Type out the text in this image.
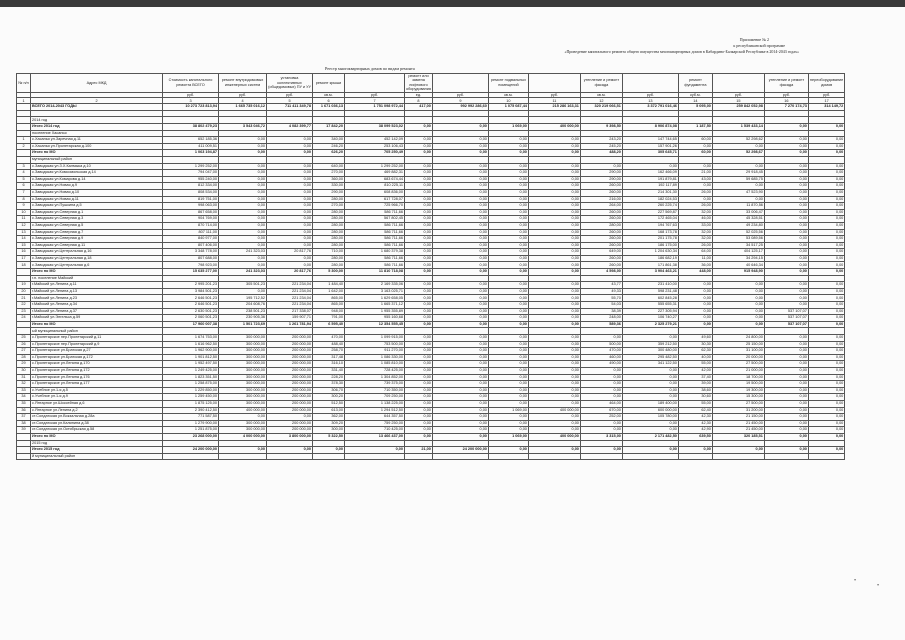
Приложение № 2
к республиканской программе
«Проведение капитального ремонта общего имущества многоквартирных домов в Кабардино-Балкарской Республике в 2014-2043 годах»
Реестр многоквартирных домов по видам ремонта
№ п/п	Адрес МКД	Стоимость капитального ремонта ВСЕГО	ремонт внутридомовых инженерных систем	установка коллективных (общедомовых) ПУ и УУ	ремонт крыши		ремонт или замена лифтового оборудования		ремонт подвальных помещений		утепление и ремонт фасада		ремонт фундамента		утепление и ремонт фасада	переоборудование домов
		руб.	руб.	руб.	кв.м.	руб.	ед.	руб.	кв.м.	руб.	кв.м.	руб.	куб.м.	руб.	руб.	руб.
1	2	3	4	5	6	7	8	9	10	11	12	13	14	15	16	17
	ВСЕГО 2014-2043 ГОДЫ	10 273 723 813,94	1 665 735 016,12	711 411 349,78	1 671 036,13	1 751 098 972,44	417,00	992 992 286,60	1 075 087,44	215 286 163,31	320 219 066,51	3 372 791 016,46	5 095,00	259 842 052,98	7 270 174,73	314 149,72

	2014 год															
	Итого 2014 год	38 802 479,23	3 543 046,72	4 082 399,77	17 842,20	38 099 523,02	0,00	0,00	1 069,00	400 000,00	9 398,50	8 906 874,08	1 187,50	1 539 433,14	0,00	0,00
	поселение Хасанья															
1	с.Хасанья ул.Заречная д.11	652 185,36	0,00	0,00	340,00	452 142,09	0,00	0,00	0,00	0,00	243,20	147 744,65	60,00	52 298,62	0,00	0,00
2	с.Хасанья ул.Пролетарская д.100	411 009,51	0,00	0,00	246,20	253 106,43	0,00	0,00	0,00	0,00	245,20	157 901,26	0,00	0,00	0,00	0,00
	Итого по МО	1 063 194,87	0,00	0,00	626,20	705 250,49	0,00	0,00	0,00	0,00	488,20	305 645,71	60,00	52 298,67	0,00	0,00
	муниципальный район															
3	с.Заводская ул.З.Х.Калмыка д.10	1 299 252,00	0,00	0,00	640,00	1 299 252,00	0,00	0,00	0,00	0,00	0,00	0,00	0,00	0,00	0,00	0,00
4	с.Заводская ул.Комсомольская д.14	794 047,00	0,00	0,00	270,00	469 882,31	0,00	0,00	0,00	0,00	290,00	162 466,09	21,00	29 918,45	0,00	0,00
5	с.Заводская ул.Комарова д.14	955 240,00	0,00	0,00	360,00	683 674,44	0,00	0,00	0,00	0,00	290,00	191 879,81	43,00	59 685,75	0,00	0,00
6	с.Заводская ул.Новая д.9	812 334,00	0,00	0,00	330,00	810 225,11	0,00	0,00	0,00	0,00	260,00	192 117,89	0,00	0,00	0,00	0,00
7	с.Заводская ул.Новая д.10	808 534,00	0,00	0,00	290,00	608 836,00	0,00	0,00	0,00	0,00	260,00	214 301,30	26,00	47 523,90	0,00	0,00
8	с.Заводская ул.Новая д.11	819 751,00	0,00	0,00	280,00	617 728,07	0,00	0,00	0,00	0,00	216,00	182 024,53	0,00	0,00	0,00	0,00
9	с.Заводская ул.Пушкина д.5	998 063,00	0,00	0,00	270,00	725 966,70	0,00	0,00	0,00	0,00	264,00	260 225,74	26,00	11 870,56	0,00	0,00
10	с.Заводская ул.Северная д.1	867 658,00	0,00	0,00	280,00	586 711,66	0,00	0,00	0,00	0,00	260,00	227 569,87	32,00	33 006,47	0,00	0,00
11	с.Заводская ул.Северная д.3	904 769,00	0,00	0,00	280,00	567 802,45	0,00	0,00	0,00	0,00	260,00	172 465,04	46,00	45 328,51	0,00	0,00
12	с.Заводская ул.Северная д.5	870 714,00	0,00	0,00	280,00	586 711,66	0,00	0,00	0,00	0,00	280,00	194 767,63	33,00	49 234,80	0,00	0,00
13	с.Заводская ул.Северная д.7	807 111,00	0,00	0,00	280,00	586 711,66	0,00	0,00	0,00	0,00	260,00	168 173,78	32,00	52 025,56	0,00	0,00
14	с.Заводская ул.Северная д.9	840 977,00	0,00	0,00	280,00	586 711,66	0,00	0,00	0,00	0,00	260,00	201 175,78	32,00	53 089,56	0,00	0,00
15	с.Заводская ул.Северная д.11	807 406,00	0,00	0,00	280,00	586 711,66	0,00	0,00	0,00	0,00	260,00	186 175,00	26,00	34 517,25	0,00	0,00
16	с.Заводская ул.Центральная д.16	3 348 778,00	241 323,03	20 817,76	710,00	1 680 379,38	0,00	0,00	0,00	0,00	649,00	1 204 630,34	64,00	404 125,17	0,00	0,00
17	с.Заводская ул.Центральная д.18	807 688,00	0,00	0,00	280,00	586 711,66	0,00	0,00	0,00	0,00	260,00	186 682,19	11,00	34 294,15	0,00	0,00
18	с.Заводская ул.Центральная д.6	798 923,00	0,00	0,00	280,00	586 711,66	0,00	0,00	0,00	0,00	260,00	171 861,38	36,00	40 646,34	0,00	0,00
	Итого по МО	15 635 277,00	241 323,03	20 817,76	5 300,00	11 810 718,08	0,00	0,00	0,00	0,00	4 598,00	3 904 463,21	448,00	915 948,90	0,00	0,00
	г.п. поселение Майский															
19	г.Майский ул.Ленина д.11	2 995 201,23	305 501,23	221 234,04	1 484,40	2 169 335,06	0,00	0,00	0,00	0,00	43,77	231 410,00	0,00	0,00	0,00	0,00
20	г.Майский ул.Ленина д.13	3 984 501,23	0,00	221 234,04	1 642,00	3 163 025,71	0,00	0,00	0,00	0,00	49,33	598 231,48	0,00	0,00	0,00	0,00
21	г.Майский ул.Ленина д.23	2 646 501,23	195 712,52	221 234,04	865,00	1 629 658,05	0,00	0,00	0,00	0,00	55,70	602 845,28	0,00	0,00	0,00	0,00
22	г.Майский ул.Ленина д.34	2 646 501,23	204 608,76	221 234,04	865,00	1 665 371,12	0,00	0,00	0,00	0,00	54,03	555 655,31	0,00	0,00	0,00	0,00
23	г.Майский ул.Ленина д.37	2 630 501,23	238 501,23	217 338,07	948,00	1 955 355,89	0,00	0,00	0,00	0,00	38,39	227 305,94	0,00	0,00	537 107,07	0,00
24	г.Майский ул.Энгельса д.59	2 060 501,23	230 905,36	159 907,71	791,00	955 160,68	0,00	0,00	0,00	0,00	248,00	106 740,27	0,00	0,00	537 107,07	0,00
	Итого по МО	17 960 007,38	1 501 723,69	1 261 781,94	6 595,40	12 354 555,45	0,00	0,00	0,00	0,00	589,36	2 325 279,21	0,00	0,00	537 107,07	0,00
	ый муниципальный район															
25	с.Пролетарское пер.Пролетарский д.11	1 674 753,00	300 000,00	200 000,00	470,00	1 099 915,00	0,00	0,00	0,00	0,00	0,00	0,00	49,60	24 800,00	0,00	0,00
26	с.Пролетарское пер.Пролетарский д.9	1 616 962,50	300 000,00	200 000,00	488,40	753 500,00	0,00	0,00	0,00	0,00	500,00	359 212,50	30,30	25 150,00	0,00	0,00
27	с.Пролетарское ул.Братская д.27	1 962 900,00	300 000,00	200 000,00	258,70	911 270,00	0,00	0,00	0,00	0,00	470,00	300 480,00	62,30	31 100,00	0,00	0,00
28	с.Пролетарское ул.Братская д.172	1 901 812,50	300 000,00	200 000,00	317,48	1 086 330,00	0,00	0,00	0,00	0,00	460,00	295 482,50	40,00	20 000,00	0,00	0,00
29	с.Пролетарское ул.Ленина д.170	1 952 497,50	300 000,00	200 000,00	316,10	1 085 810,00	0,00	0,00	0,00	0,00	490,00	341 122,50	55,00	27 500,00	0,00	0,00
30	с.Пролетарское ул.Ленина д.172	1 249 425,00	300 000,00	200 000,00	331,40	728 425,00	0,00	0,00	0,00	0,00	0,00	0,00	42,00	21 000,00	0,00	0,00
31	с.Пролетарское ул.Ленина д.176	1 823 351,50	300 000,00	200 000,00	228,20	1 304 852,00	0,00	0,00	0,00	0,00	0,00	0,00	37,40	18 700,00	0,00	0,00
32	с.Пролетарское ул.Ленина д.177	1 258 875,00	300 000,00	200 000,00	378,30	739 375,00	0,00	0,00	0,00	0,00	0,00	0,00	39,00	19 500,00	0,00	0,00
33	с.Учебное ул.1-я д.5	1 229 850,00	300 000,00	200 000,00	306,70	710 350,00	0,00	0,00	0,00	0,00	0,00	0,00	38,60	19 300,00	0,00	0,00
34	с.Учебное ул.1-я д.9	1 259 450,00	300 000,00	200 000,00	300,20	709 250,00	0,00	0,00	0,00	0,00	0,00	0,00	30,60	15 300,00	0,00	0,00
35	с.Янтарное ул.Шоссейная д.6	1 875 125,00	300 000,00	200 000,00	512,50	1 138 225,00	0,00	0,00	0,00	0,00	464,00	189 400,00	55,00	27 500,00	0,00	0,00
36	с.Янтарное ул.Ленина д.2	2 390 412,50	400 000,00	200 000,00	613,00	1 294 512,50	0,00	0,00	1 069,00	400 000,00	670,00	600 000,00	62,40	31 200,00	0,00	0,00
37	ст.Солдатская ул.Вокзальная д.28а	771 587,50	0,00	0,00	362,00	644 357,50	0,00	0,00	0,00	0,00	252,00	105 780,00	42,30	21 150,00	0,00	0,00
38	ст.Солдатская ул.Калинина д.38	1 279 900,00	300 000,00	200 000,00	309,20	759 250,00	0,00	0,00	0,00	0,00	0,00	0,00	42,30	21 450,00	0,00	0,00
39	ст.Солдатская ул.Октябрьская д.58	1 251 875,00	300 000,00	200 000,00	300,00	710 425,00	0,00	0,00	0,00	0,00	0,00	0,00	42,90	21 450,00	0,00	0,00
	Итого по МО	23 268 000,00	4 000 000,00	3 800 000,00	5 322,50	13 466 437,00	0,00	0,00	1 069,00	400 000,00	3 315,00	2 171 482,50	639,50	320 185,51	0,00	0,00
	2015 год															
	Итого 2015 год	24 200 000,00	0,00	0,00	0,00	0,00	21,00	24 200 000,00	0,00	0,00	0,00	0,00	0,00	0,00	0,00	0,00
	й муниципальный район															
•
•
